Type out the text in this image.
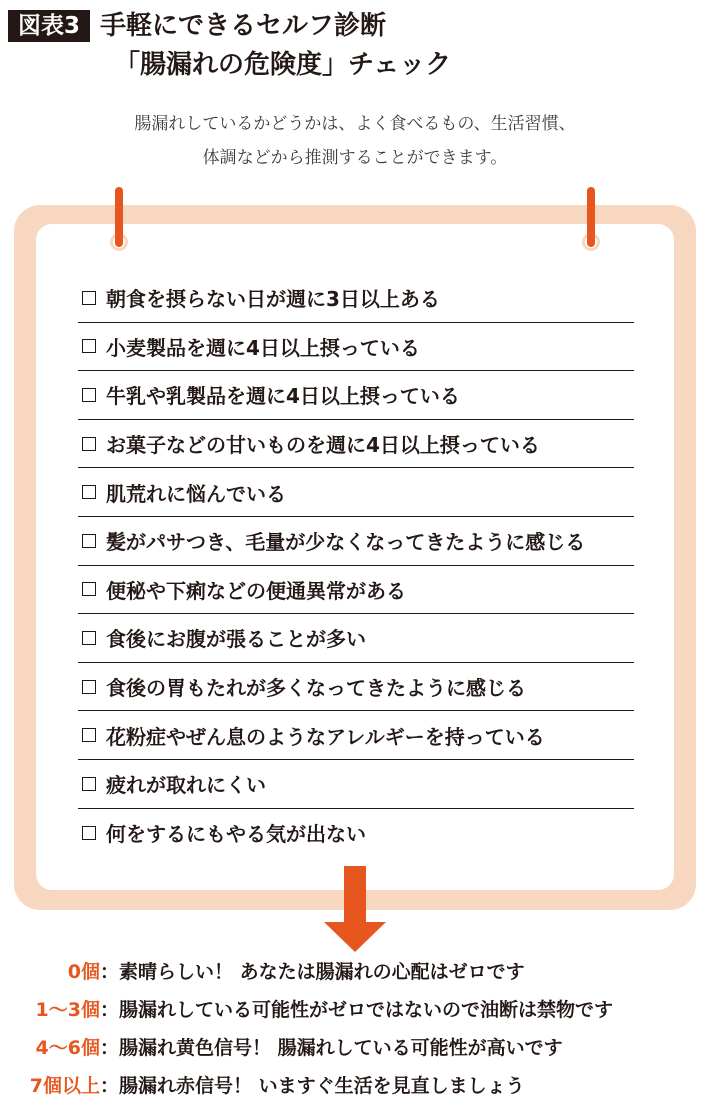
図表3 手軽にできるセルフ診断
「腸漏れの危険度」チェック
腸漏れしているかどうかは、よく食べるもの、生活習慣、
体調などから推測することができます。
朝食を摂らない日が週に3日以上ある
小麦製品を週に4日以上摂っている
牛乳や乳製品を週に4日以上摂っている
お菓子などの甘いものを週に4日以上摂っている
肌荒れに悩んでいる
髪がパサつき、毛量が少なくなってきたように感じる
便秘や下痢などの便通異常がある
食後にお腹が張ることが多い
食後の胃もたれが多くなってきたように感じる
花粉症やぜん息のようなアレルギーを持っている
疲れが取れにくい
何をするにもやる気が出ない
0個 ： 素晴らしい！ あなたは腸漏れの心配はゼロです
1～3個 ： 腸漏れしている可能性がゼロではないので油断は禁物です
4～6個 ： 腸漏れ黄色信号！ 腸漏れしている可能性が高いです
7個以上 ： 腸漏れ赤信号！ いますぐ生活を見直しましょう
